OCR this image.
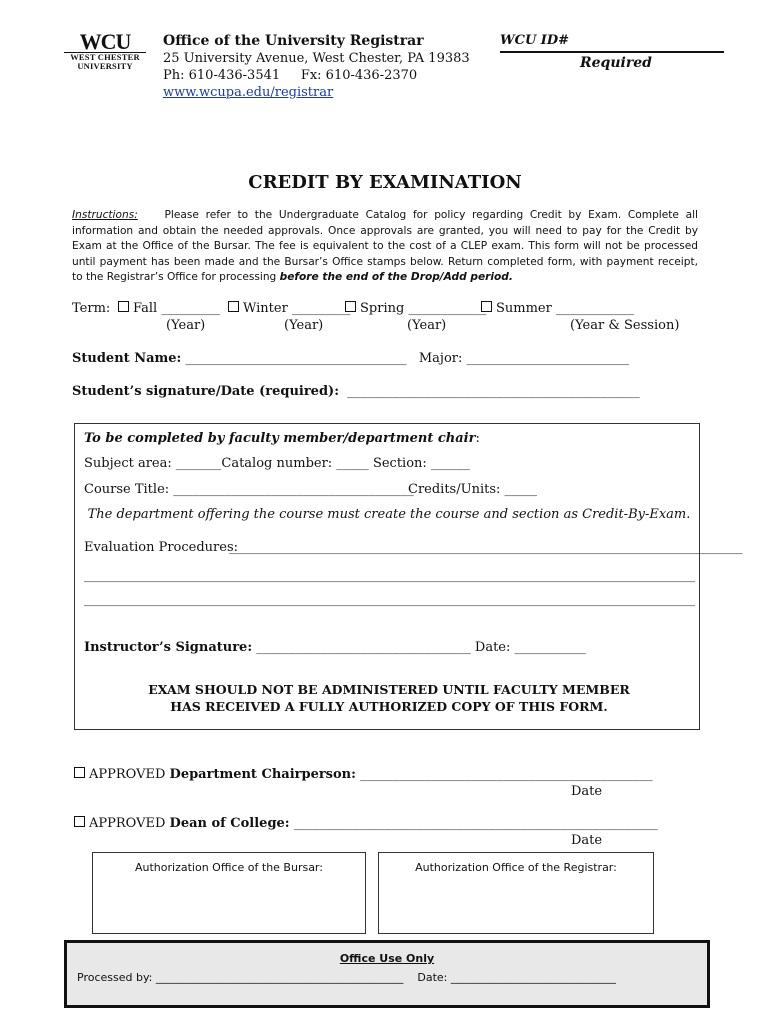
WCU
WEST CHESTER
UNIVERSITY
Office of the University Registrar
25 University Avenue, West Chester, PA 19383
Ph: 610-436-3541 Fx: 610-436-2370
www.wcupa.edu/registrar
WCU ID#
Required
CREDIT BY EXAMINATION
Instructions:	Please refer to the Undergraduate Catalog for policy regarding Credit by Exam. Complete all information and obtain the needed approvals. Once approvals are granted, you will need to pay for the Credit by Exam at the Office of the Bursar. The fee is equivalent to the cost of a CLEP exam. This form will not be processed until payment has been made and the Bursar’s Office stamps below. Return completed form, with payment receipt, to the Registrar’s Office for processing before the end of the Drop/Add period.
Term:	Fall _________	Winter _________ Spring ____________ Summer ____________
(Year)	(Year)	(Year)	(Year & Session)
Student Name: __________________________________ Major: _________________________
Student’s signature/Date (required): _____________________________________________
To be completed by faculty member/department chair:
Subject area: _______Catalog number: _____ Section: ______
Course Title: _____________________________________
Credits/Units: _____
The department offering the course must create the course and section as Credit-By-Exam.
Evaluation Procedures:
_______________________________________________________________________________
______________________________________________________________________________________________
______________________________________________________________________________________________
Instructor’s Signature: _________________________________ Date: ___________
EXAM SHOULD NOT BE ADMINISTERED UNTIL FACULTY MEMBER
HAS RECEIVED A FULLY AUTHORIZED COPY OF THIS FORM.
APPROVED Department Chairperson: _____________________________________________
Date
APPROVED Dean of College: ________________________________________________________
Date
Authorization Office of the Bursar:	Authorization Office of the Registrar:
Office Use Only
Processed by: _____________________________________________ Date: ______________________________
